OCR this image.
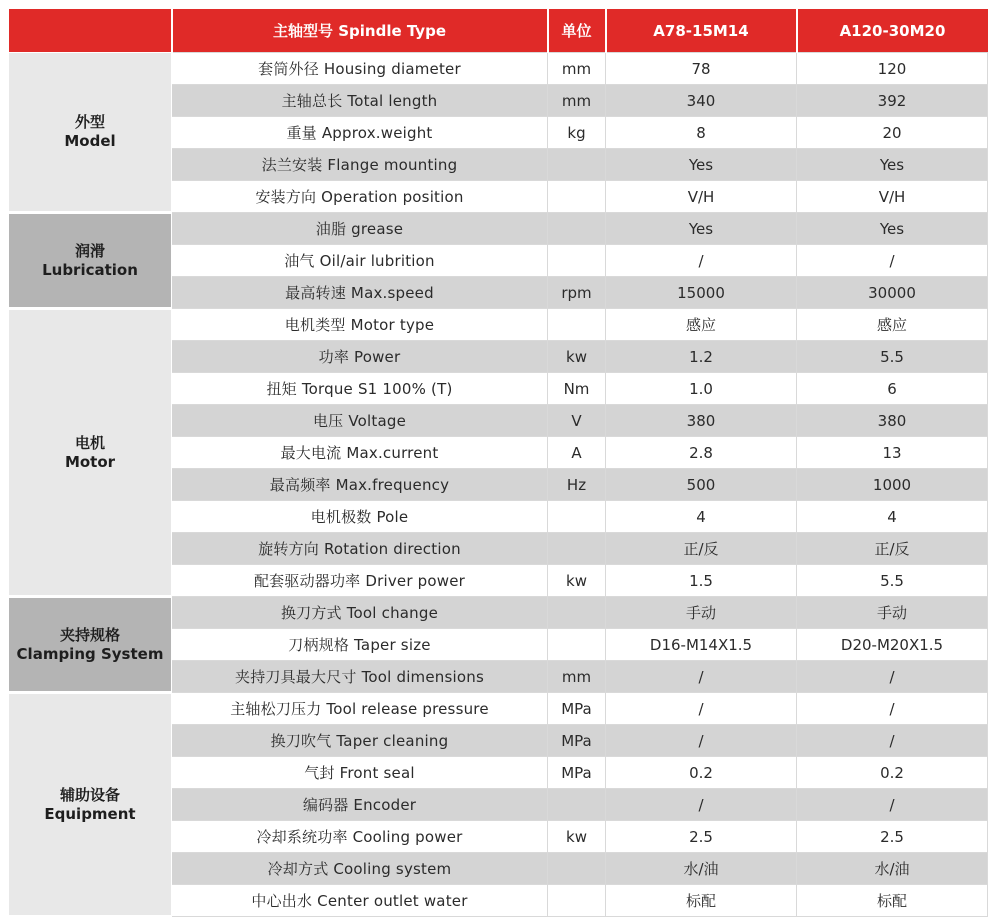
	主轴型号 Spindle Type	单位	A78-15M14	A120-30M20

外型
Model	套筒外径 Housing diameter	mm	78	120
	主轴总长 Total length	mm	340	392
	重量 Approx.weight	kg	8	20
	法兰安装 Flange mounting		Yes	Yes
	安装方向 Operation position		V/H	V/H

润滑
Lubrication	油脂 grease		Yes	Yes
	油气 Oil/air lubrition		/	/
	最高转速 Max.speed	rpm	15000	30000

电机
Motor	电机类型 Motor type		感应	感应
	功率 Power	kw	1.2	5.5
	扭矩 Torque S1 100% (T)	Nm	1.0	6
	电压 Voltage	V	380	380
	最大电流 Max.current	A	2.8	13
	最高频率 Max.frequency	Hz	500	1000
	电机极数 Pole		4	4
	旋转方向 Rotation direction		正/反	正/反
	配套驱动器功率 Driver power	kw	1.5	5.5

夹持规格
Clamping System	换刀方式 Tool change		手动	手动
	刀柄规格 Taper size		D16-M14X1.5	D20-M20X1.5
	夹持刀具最大尺寸 Tool dimensions	mm	/	/

辅助设备
Equipment	主轴松刀压力 Tool release pressure	MPa	/	/
	换刀吹气 Taper cleaning	MPa	/	/
	气封 Front seal	MPa	0.2	0.2
	编码器 Encoder		/	/
	冷却系统功率 Cooling power	kw	2.5	2.5
	冷却方式 Cooling system		水/油	水/油
	中心出水 Center outlet water		标配	标配
